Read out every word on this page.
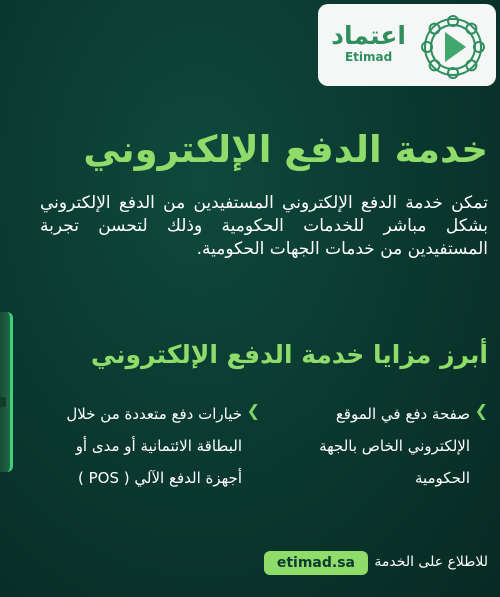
اعتماد
Etimad
خدمة الدفع الإلكتروني

تمكن خدمة الدفع الإلكتروني المستفيدين من الدفع الإلكتروني بشكل مباشر للخدمات الحكومية وذلك لتحسن تجربة المستفيدين من خدمات الجهات الحكومية.

أبرز مزايا خدمة الدفع الإلكتروني
❯

صفحة دفع في الموقع الإلكتروني الخاص بالجهة الحكومية

❯

خيارات دفع متعددة من خلال البطاقة الائتمانية أو مدى أو أجهزة الدفع الآلي ( POS )

للاطلاع على الخدمة

etimad.sa
